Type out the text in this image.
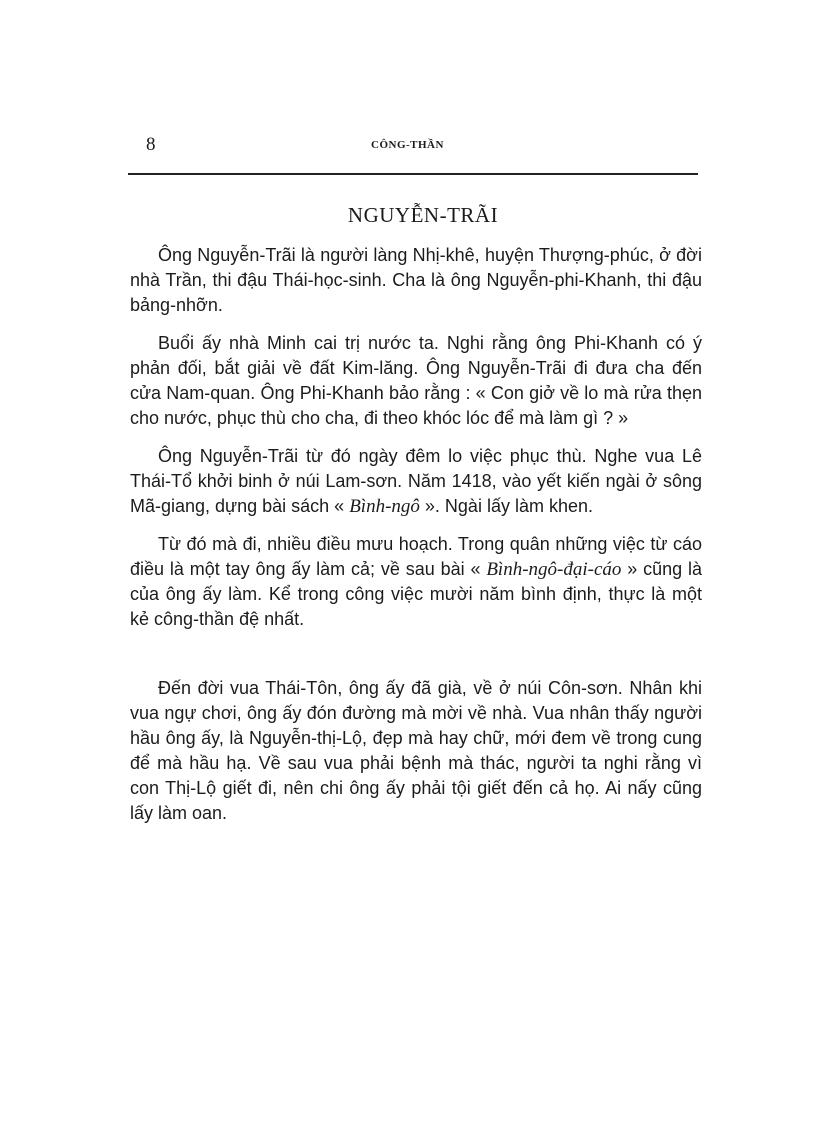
8	CÔNG-THẦN
NGUYỄN-TRÃI

Ông Nguyễn-Trãi là người làng Nhị-khê, huyện Thượng-phúc, ở đời nhà Trần, thi đậu Thái-học-sinh. Cha là ông Nguyễn-phi-Khanh, thi đậu bảng-nhỡn.

Buổi ấy nhà Minh cai trị nước ta. Nghi rằng ông Phi-Khanh có ý phản đối, bắt giải về đất Kim-lăng. Ông Nguyễn-Trãi đi đưa cha đến cửa Nam-quan. Ông Phi-Khanh bảo rằng : « Con giở về lo mà rửa thẹn cho nước, phục thù cho cha, đi theo khóc lóc để mà làm gì ? »

Ông Nguyễn-Trãi từ đó ngày đêm lo việc phục thù. Nghe vua Lê Thái-Tổ khởi binh ở núi Lam-sơn. Năm 1418, vào yết kiến ngài ở sông Mã-giang, dựng bài sách « Bình-ngô ». Ngài lấy làm khen.

Từ đó mà đi, nhiều điều mưu hoạch. Trong quân những việc từ cáo điều là một tay ông ấy làm cả; về sau bài « Bình-ngô-đại-cáo » cũng là của ông ấy làm. Kể trong công việc mười năm bình định, thực là một kẻ công-thần đệ nhất.

Đến đời vua Thái-Tôn, ông ấy đã già, về ở núi Côn-sơn. Nhân khi vua ngự chơi, ông ấy đón đường mà mời về nhà. Vua nhân thấy người hầu ông ấy, là Nguyễn-thị-Lộ, đẹp mà hay chữ, mới đem về trong cung để mà hầu hạ. Về sau vua phải bệnh mà thác, người ta nghi rằng vì con Thị-Lộ giết đi, nên chi ông ấy phải tội giết đến cả họ. Ai nấy cũng lấy làm oan.
